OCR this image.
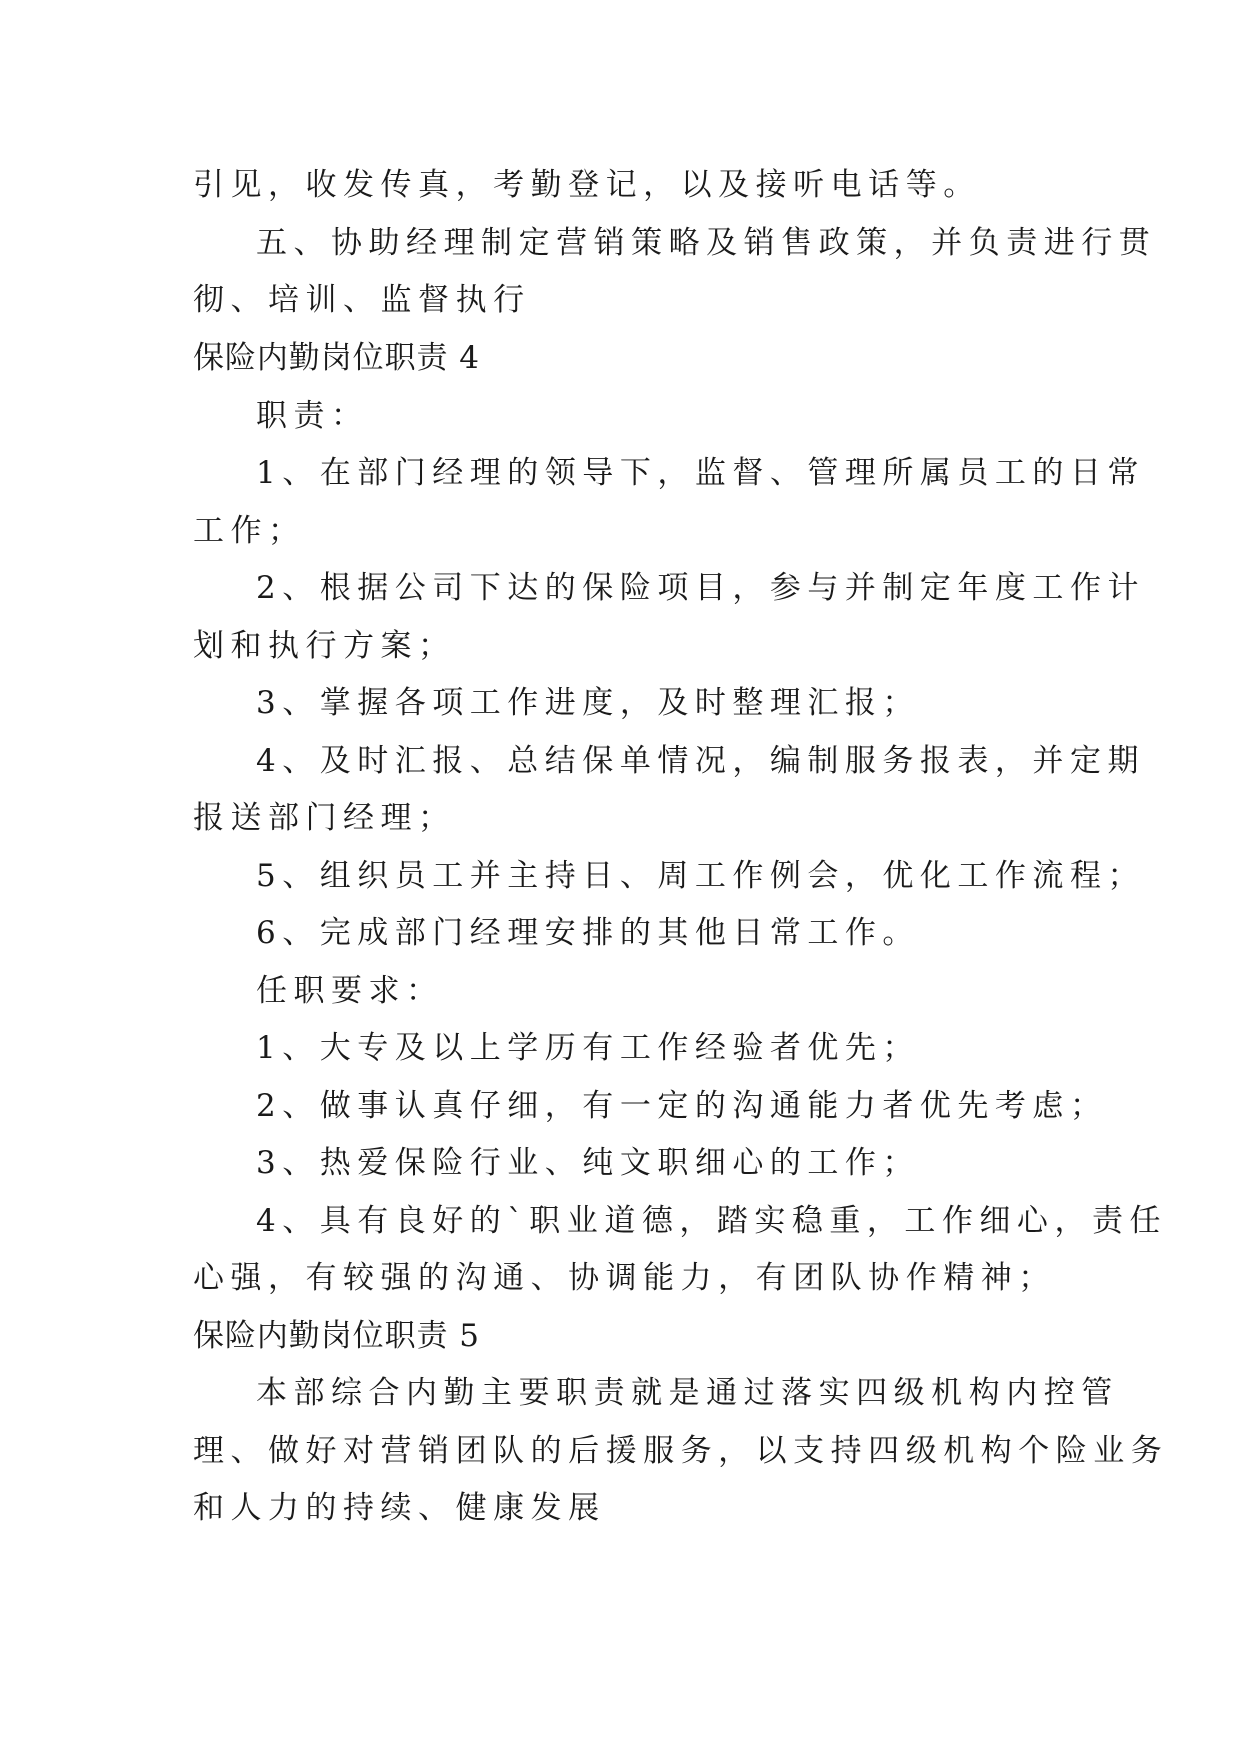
引见，收发传真，考勤登记，以及接听电话等。
五、协助经理制定营销策略及销售政策，并负责进行贯
彻、培训、监督执行
保险内勤岗位职责 4
职责：
1、在部门经理的领导下，监督、管理所属员工的日常
工作；
2、根据公司下达的保险项目，参与并制定年度工作计
划和执行方案；
3、掌握各项工作进度，及时整理汇报；
4、及时汇报、总结保单情况，编制服务报表，并定期
报送部门经理；
5、组织员工并主持日、周工作例会，优化工作流程；
6、完成部门经理安排的其他日常工作。
任职要求：
1、大专及以上学历有工作经验者优先；
2、做事认真仔细，有一定的沟通能力者优先考虑；
3、热爱保险行业、纯文职细心的工作；
4、具有良好的`职业道德，踏实稳重，工作细心，责任
心强，有较强的沟通、协调能力，有团队协作精神；
保险内勤岗位职责 5
本部综合内勤主要职责就是通过落实四级机构内控管
理、做好对营销团队的后援服务，以支持四级机构个险业务
和人力的持续、健康发展
